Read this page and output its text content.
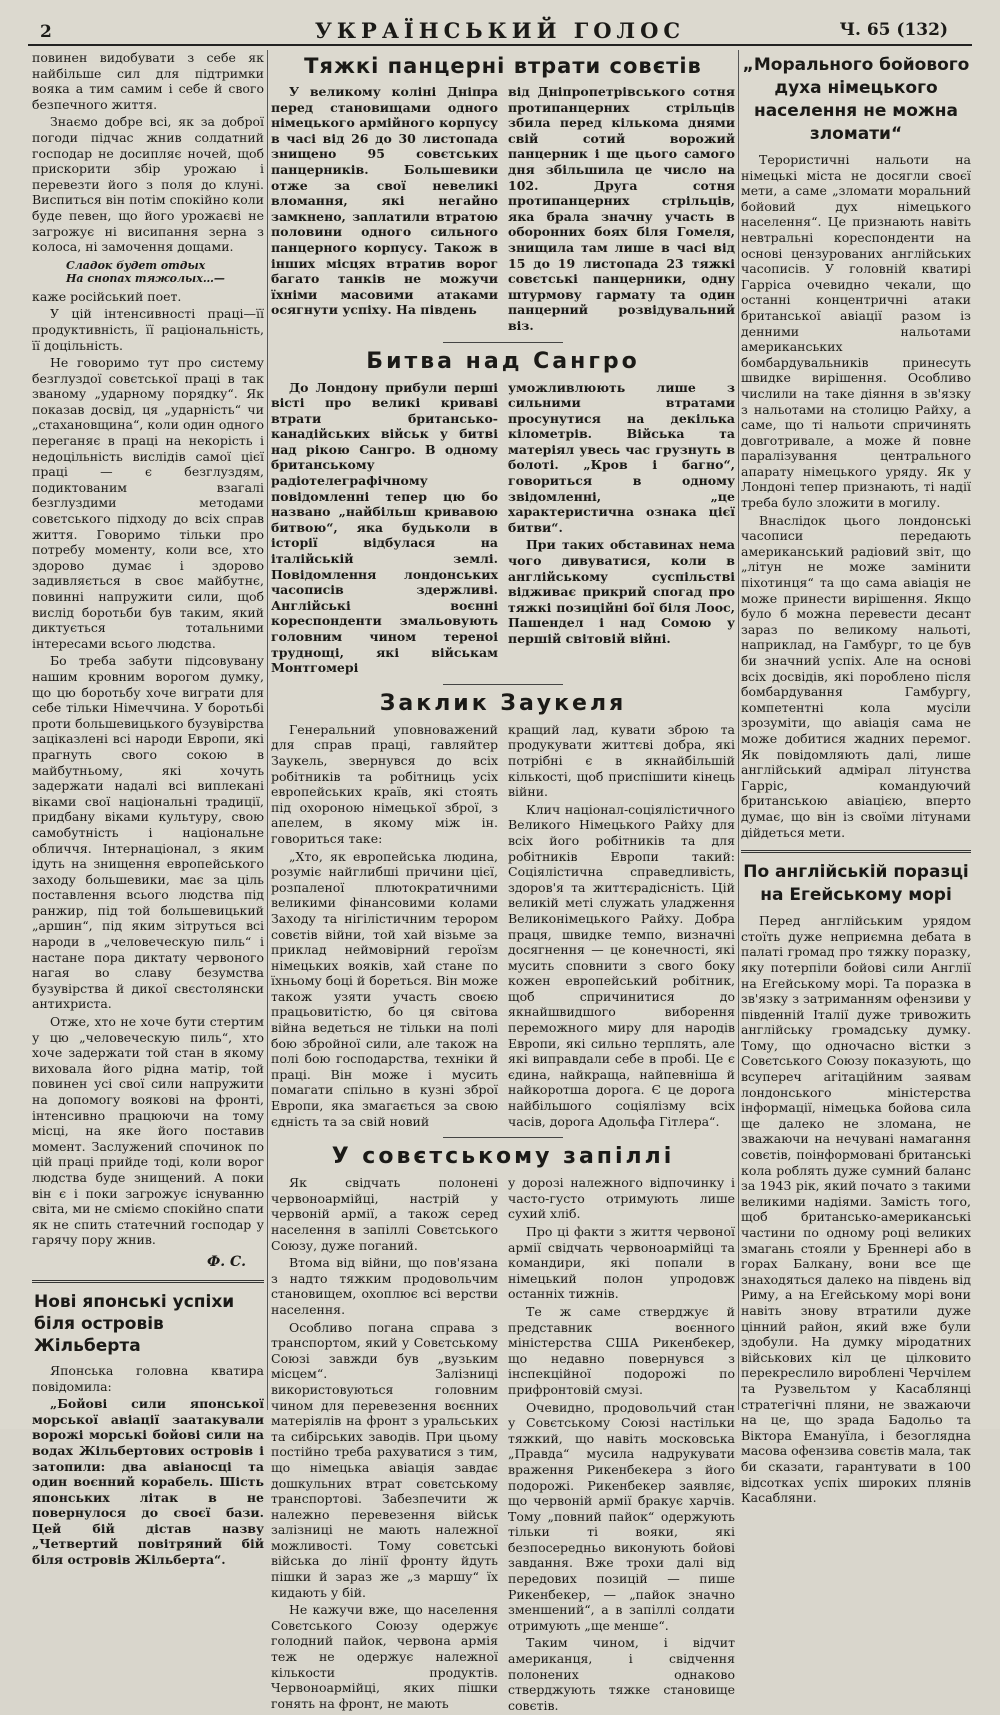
2	УКРАЇНСЬКИЙ ГОЛОС	Ч. 65 (132)

повинен видобувати з себе як найбільше сил для підтримки вояка а тим самим і себе й свого безпечного життя.

Знаємо добре всі, як за доброї погоди підчас жнив солдатний господар не досипляє ночей, щоб прискорити збір урожаю і перевезти його з поля до клуні. Виспиться він потім спокійно коли буде певен, що його урожаєві не загрожує ні висипання зерна з колоса, ні замочення дощами.

Сладок будет отдых
На снопах тяжолых…—

каже російський поет.

У цій інтенсивності праці—її продуктивність, її раціональність, її доцільність.

Не говоримо тут про систему безглуздої совєтської праці в так званому „ударному порядку“. Як показав досвід, ця „ударність“ чи „стахановщина“, коли один одного переганяє в праці на некорість і недоцільність вислідів самої цієї праці — є безглуздям, подиктованим взагалі безглуздими методами совєтського підходу до всіх справ життя. Говоримо тільки про потребу моменту, коли все, хто здорово думає і здорово задивляється в своє майбутнє, повинні напружити сили, щоб вислід боротьби був таким, який диктується тотальними інтересами всього людства.

Бо треба забути підсовувану нашим кровним ворогом думку, що цю боротьбу хоче виграти для себе тільки Німеччина. У боротьбі проти большевицького бузувірства заціказлені всі народи Европи, які прагнуть свого сокою в майбутньому, які хочуть задержати надалі всі виплекані віками свої національні традиції, придбану віками культуру, свою самобутність і національне обличчя. Інтернаціонал, з яким ідуть на знищення европейського заходу большевики, має за ціль поставлення всього людства під ранжир, під той большевицький „аршин“, під яким зітруться всі народи в „человеческую пиль“ і настане пора диктату червоного нагая во славу безумства бузувірства й дикої свєстолянски антихриста.

Отже, хто не хоче бути стертим у цю „человеческую пиль“, хто хоче задержати той стан в якому виховала його рідна матір, той повинен усі свої сили напружити на допомогу воякові на фронті, інтенсивно працюючи на тому місці, на яке його поставив момент. Заслужений спочинок по цій праці прийде тоді, коли ворог людства буде знищений. А поки він є і поки загрожує існуванню світа, ми не сміємо спокійно спати як не спить статечний господар у гарячу пору жнив.

Ф. С.
Нові японські успіхи біля островів Жільберта

Японська головна кватира повідомила:

„Бойові сили японської морської авіації заатакували ворожі морські бойові сили на водах Жільбертових островів і затопили: два авіаносці та один воєнний корабель. Шість японських літак в не повернулося до своєї бази. Цей бій дістав назву „Четвертий повітряний бій біля островів Жільберта“.

Тяжкі панцерні втрати совєтів

У великому коліні Дніпра перед становищами одного німецького армійного корпусу в часі від 26 до 30 листопада знищено 95 совєтських панцерників. Большевики отже за свої невеликі вломання, які негайно замкнено, заплатили втратою половини одного сильного панцерного корпусу. Також в інших місцях втратив ворог багато танків не можучи їхніми масовими атаками осягнути успіху. На південь

від Дніпропетрівського сотня протипанцерних стрільців збила перед кількома днями свій сотий ворожий панцерник і ще цього самого дня збільшила це число на 102. Друга сотня протипанцерних стрільців, яка брала значну участь в оборонних боях біля Гомеля, знищила там лише в часі від 15 до 19 листопада 23 тяжкі совєтські панцерники, одну штурмову гармату та один панцерний розвідувальний віз.

Битва над Сангро

До Лондону прибули перші вісті про великі криваві втрати британсько-канадійських військ у битві над рікою Сангро. В одному британському радіотелеграфічному повідомленні тепер цю бо названо „найбільш кривавою битвою“, яка будьколи в історії відбулася на італійській землі. Повідомлення лондонських часописів здержливі. Англійські воєнні кореспонденти змальовують головним чином тереноі труднощі, які військам Монтгомері

уможливлюють лише з сильними втратами просунутися на декілька кілометрів. Війська та матеріял увесь час грузнуть в болоті. „Кров і багно“, говориться в одному звідомленні, „це характеристична ознака цієї битви“.

При таких обставинах нема чого дивуватися, коли в англійському суспільстві відживає прикрий спогад про тяжкі позиційні бої біля Лоос, Пашендел і над Сомою у першій світовій війні.

Заклик Заукеля

Генеральний уповноважений для справ праці, гавляйтер Заукель, звернувся до всіх робітників та робітниць усіх европейських країв, які стоять під охороною німецької зброї, з апелем, в якому між ін. говориться таке:

„Хто, як европейська людина, розуміє найглибші причини цієї, розпаленої плютократичними великими фінансовими колами Заходу та нігілістичним терором совєтів війни, той хай візьме за приклад неймовірний героїзм німецьких вояків, хай стане по їхньому боці й бореться. Він може також узяти участь своєю працьовитістю, бо ця світова війна ведеться не тільки на полі бою збройної сили, але також на полі бою господарства, техніки й праці. Він може і мусить помагати спільно в кузні зброї Европи, яка змагається за свою єдність та за свій новий

кращий лад, кувати зброю та продукувати життєві добра, які потрібні є в якнайбільшій кількості, щоб приспішити кінець війни.

Клич націонал-соціялістичного Великого Німецького Райху для всіх його робітників та для робітників Европи такий: Соціялістична справедливість, здоров'я та життєрадісність. Цій великій меті служать уладження Великонімецького Райху. Добра праця, швидке темпо, визначні досягнення — це конечності, які мусить сповнити з свого боку кожен европейський робітник, щоб спричинитися до якнайшвидшого виборення переможного миру для народів Европи, які сильно терплять, але які виправдали себе в пробі. Це є єдина, найкраща, найпевніша й найкоротша дорога. Є це дорога найбільшого соціялізму всіх часів, дорога Адольфа Гітлера“.

У совєтському запіллі

Як свідчать полонені червоноармійці, настрій у червоній армії, а також серед населення в запіллі Совєтського Союзу, дуже поганий.

Втома від війни, що пов'язана з надто тяжким продовольчим становищем, охоплює всі верстви населення.

Особливо погана справа з транспортом, який у Совєтському Союзі завжди був „вузьким місцем“. Залізниці використовуються головним чином для перевезення воєнних матеріялів на фронт з уральських та сибірських заводів. При цьому постійно треба рахуватися з тим, що німецька авіація завдає дошкульних втрат совєтському транспортові. Забезпечити ж належно перевезення військ залізниці не мають належної можливості. Тому совєтські війська до лінії фронту йдуть пішки й зараз же „з маршу“ їх кидають у бій.

Не кажучи вже, що населення Совєтського Союзу одержує голодний пайок, червона армія теж не одержує належної кількости продуктів. Червоноармійці, яких пішки гонять на фронт, не мають

у дорозі належного відпочинку і часто-густо отримують лише сухий хліб.

Про ці факти з життя червоної армії свідчать червоноармійці та командири, які попали в німецький полон упродовж останніх тижнів.

Те ж саме стверджує й представник воєнного міністерства США Рикенбекер, що недавно повернувся з інспекційної подорожі по прифронтовій смузі.

Очевидно, продовольчий стан у Совєтському Союзі настільки тяжкий, що навіть московська „Правда“ мусила надрукувати враження Рикенбекера з його подорожі. Рикенбекер заявляє, що червоній армії бракує харчів. Тому „повний пайок“ одержують тільки ті вояки, які безпосередньо виконують бойові завдання. Вже трохи далі від передових позицій — пише Рикенбекер, — „пайок значно зменшений“, а в запіллі солдати отримують „ще менше“.

Таким чином, і відчит американця, і свідчення полонених однаково стверджують тяжке становище совєтів.

„Морального бойового духа німецького населення не можна зломати“

Терористичні нальоти на німецькі міста не досягли своєї мети, а саме „зломати моральний бойовий дух німецького населення“. Це признають навіть невтральні кореспонденти на основі цензурованих англійських часописів. У головній кватирі Гарріса очевидно чекали, що останні концентричні атаки британської авіації разом із денними нальотами американських бомбардувальників принесуть швидке вирішення. Особливо числили на таке діяння в зв'язку з нальотами на столицю Райху, а саме, що ті нальоти спричинять довготривале, а може й повне паралізування центрального апарату німецького уряду. Як у Лондоні тепер признають, ті надії треба було зложити в могилу.

Внаслідок цього лондонські часописи передають американський радіовий звіт, що „літун не може замінити піхотинця“ та що сама авіація не може принести вирішення. Якщо було б можна перевести десант зараз по великому нальоті, наприклад, на Гамбург, то це був би значний успіх. Але на основі всіх досвідів, які поробленo після бомбардування Гамбургу, компетентні кола мусіли зрозуміти, що авіація сама не може добитися жадних перемог. Як повідомляють далі, лише англійський адмірал літунства Гарріс, командуючий британською авіацією, вперто думає, що він із своїми літунами дійдеться мети.

По англійській поразці на Егейському морі

Перед англійським урядом стоїть дуже неприємна дебата в палаті громад про тяжку поразку, яку потерпіли бойові сили Англії на Егейському морі. Та поразка в зв'язку з затриманням офензиви у південній Італії дуже тривожить англійську громадську думку. Тому, що одночасно вістки з Совєтського Союзу показують, що всупереч агітаційним заявам лондонського міністерства інформації, німецька бойова сила ще далеко не зломана, не зважаючи на нечувані намагання совєтів, поінформовані британські кола роблять дуже сумний баланс за 1943 рік, який почато з такими великими надіями. Замість того, щоб британсько-американські частини по одному році великих змагань стояли у Бреннері або в горах Балкану, вони все ще знаходяться далеко на південь від Риму, а на Егейському морі вони навіть знову втратили дуже цінний район, який вже були здобули. На думку міродатних військових кіл це цілковито перекреслило вироблені Черчілем та Рузвельтом у Касаблянці стратегічні пляни, не зважаючи на це, що зрада Бадольо та Віктора Емануїла, і безоглядна масова офензива совєтів мала, так би сказати, гарантувати в 100 відсотках успіх широких плянів Касабляни.
